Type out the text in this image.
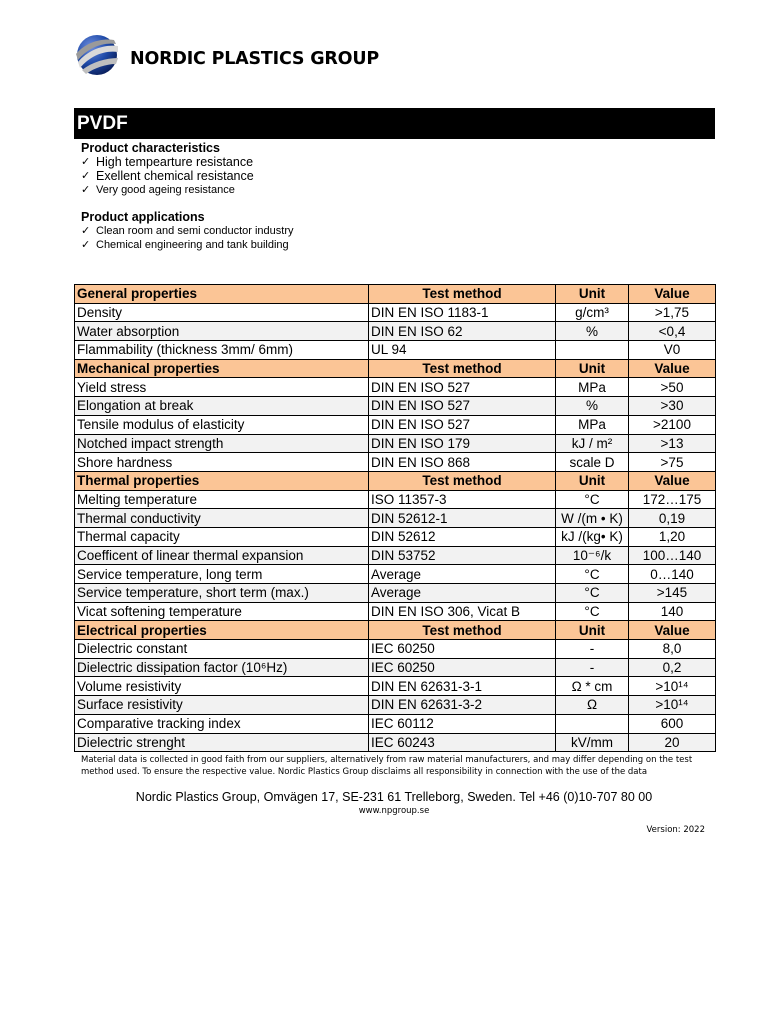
NORDIC PLASTICS GROUP
PVDF
Product characteristics
✓ High tempearture resistance
✓ Exellent chemical resistance
✓ Very good ageing resistance
Product applications
✓ Clean room and semi conductor industry
✓ Chemical engineering and tank building
General properties	Test method	Unit	Value
Density	DIN EN ISO 1183-1	g/cm³	>1,75
Water absorption	DIN EN ISO 62	%	<0,4
Flammability (thickness 3mm/ 6mm)	UL 94		V0
Mechanical properties	Test method	Unit	Value
Yield stress	DIN EN ISO 527	MPa	>50
Elongation at break	DIN EN ISO 527	%	>30
Tensile modulus of elasticity	DIN EN ISO 527	MPa	>2100
Notched impact strength	DIN EN ISO 179	kJ / m²	>13
Shore hardness	DIN EN ISO 868	scale D	>75
Thermal properties	Test method	Unit	Value
Melting temperature	ISO 11357-3	°C	172…175
Thermal conductivity	DIN 52612-1	W /(m • K)	0,19
Thermal capacity	DIN 52612	kJ /(kg• K)	1,20
Coefficent of linear thermal expansion	DIN 53752	10⁻⁶/k	100…140
Service temperature, long term	Average	°C	0…140
Service temperature, short term (max.)	Average	°C	>145
Vicat softening temperature	DIN EN ISO 306, Vicat B	°C	140
Electrical properties	Test method	Unit	Value
Dielectric constant	IEC 60250	-	8,0
Dielectric dissipation factor (10⁶Hz)	IEC 60250	-	0,2
Volume resistivity	DIN EN 62631-3-1	Ω * cm	>10¹⁴
Surface resistivity	DIN EN 62631-3-2	Ω	>10¹⁴
Comparative tracking index	IEC 60112		600
Dielectric strenght	IEC 60243	kV/mm	20
Material data is collected in good faith from our suppliers, alternatively from raw material manufacturers, and may differ depending on the test method used. To ensure the respective value. Nordic Plastics Group disclaims all responsibility in connection with the use of the data
Nordic Plastics Group, Omvägen 17, SE-231 61 Trelleborg, Sweden. Tel +46 (0)10-707 80 00
www.npgroup.se
Version: 2022
